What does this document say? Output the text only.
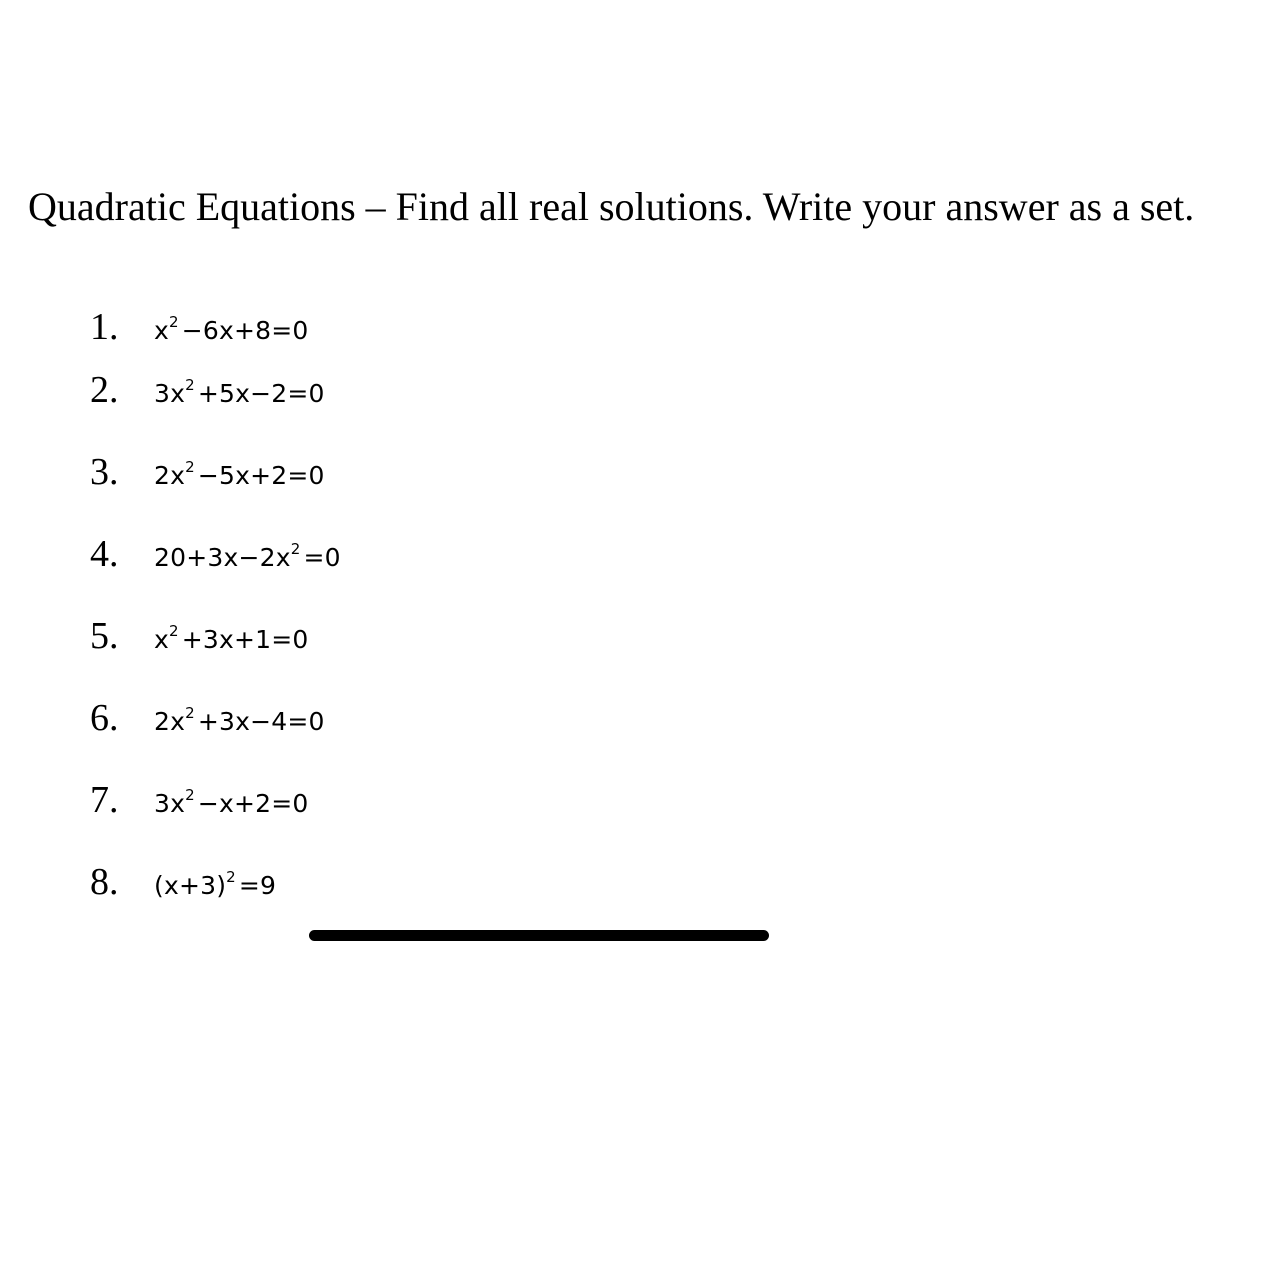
Quadratic Equations – Find all real solutions. Write your answer as a set.
1.	$x^2 -6x+8=0$
2.	$3x^2 +5x-2=0$
3.	$2x^2 -5x+2=0$
4.	$20+3x-2x^2 =0$
5.	$x^2 +3x+1=0$
6.	$2x^2 +3x-4=0$
7.	$3x^2 -x+2=0$
8.	$(x+3)^2 =9$
